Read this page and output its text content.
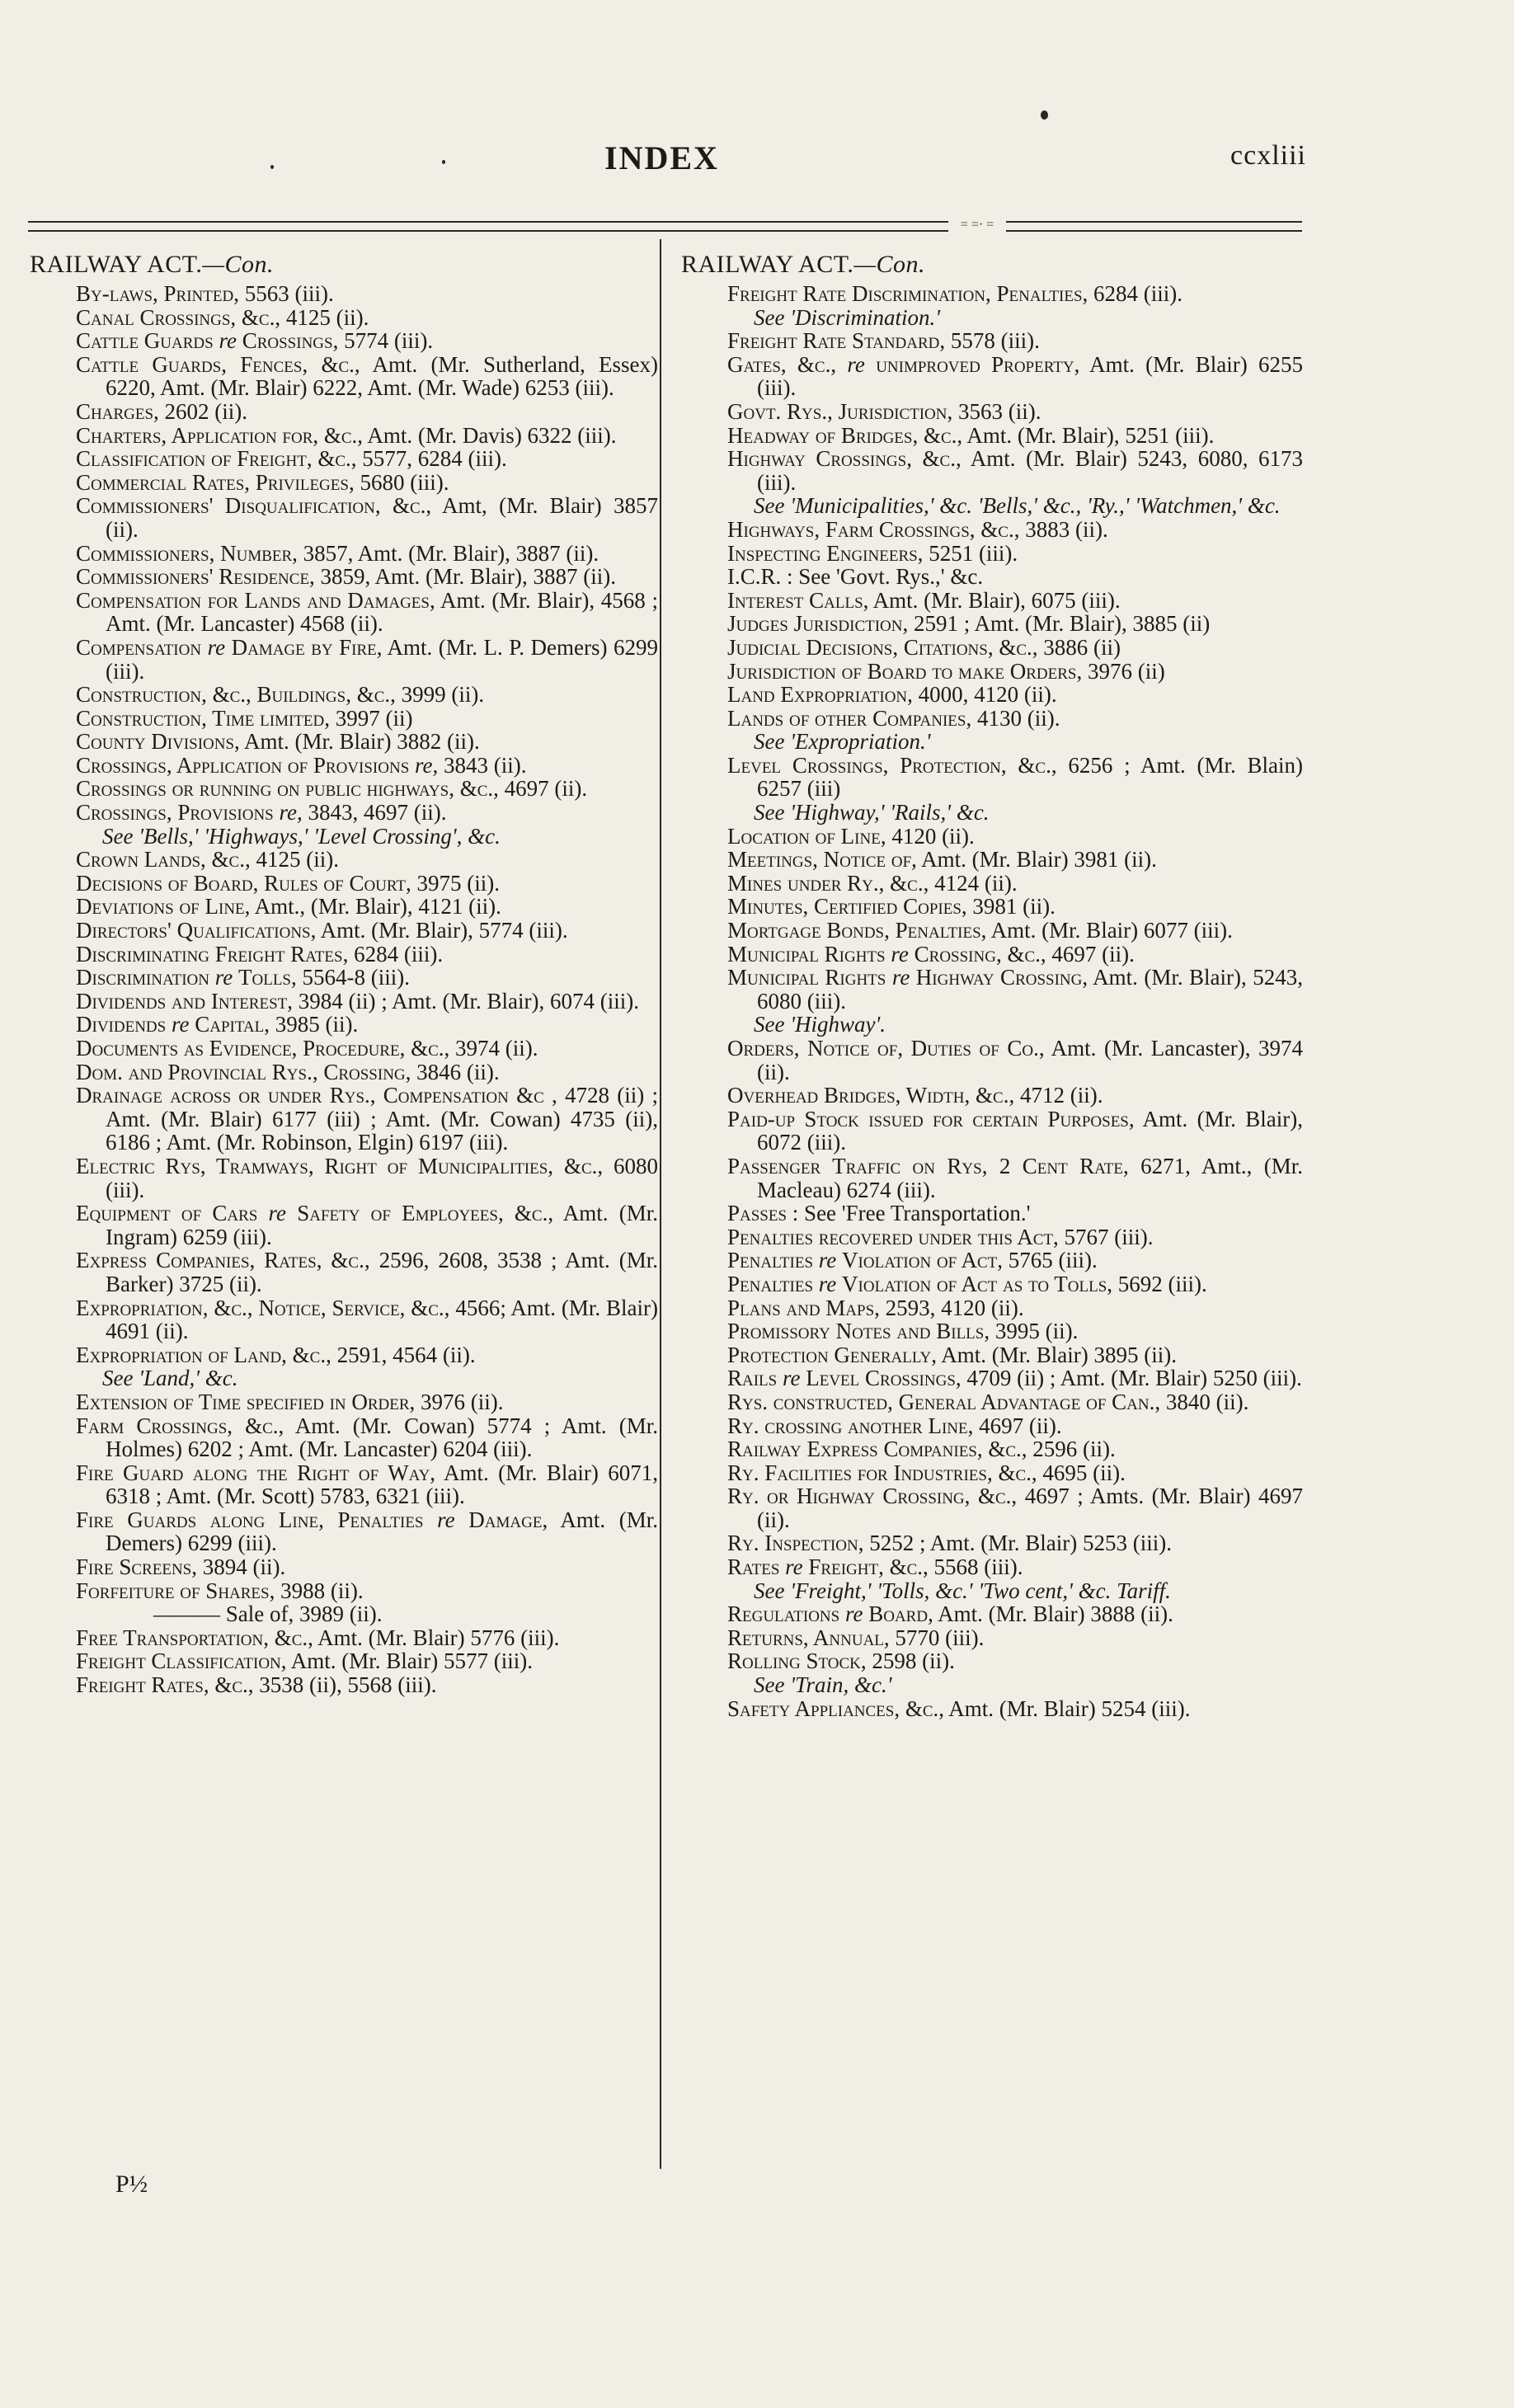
INDEX	ccxliii
= =· =
RAILWAY ACT.—Con.
By-laws, Printed, 5563 (iii).
Canal Crossings, &c., 4125 (ii).
Cattle Guards re Crossings, 5774 (iii).
Cattle Guards, Fences, &c., Amt. (Mr. Sutherland, Essex) 6220, Amt. (Mr. Blair) 6222, Amt. (Mr. Wade) 6253 (iii).
Charges, 2602 (ii).
Charters, Application for, &c., Amt. (Mr. Davis) 6322 (iii).
Classification of Freight, &c., 5577, 6284 (iii).
Commercial Rates, Privileges, 5680 (iii).
Commissioners' Disqualification, &c., Amt, (Mr. Blair) 3857 (ii).
Commissioners, Number, 3857, Amt. (Mr. Blair), 3887 (ii).
Commissioners' Residence, 3859, Amt. (Mr. Blair), 3887 (ii).
Compensation for Lands and Damages, Amt. (Mr. Blair), 4568 ; Amt. (Mr. Lancaster) 4568 (ii).
Compensation re Damage by Fire, Amt. (Mr. L. P. Demers) 6299 (iii).
Construction, &c., Buildings, &c., 3999 (ii).
Construction, Time limited, 3997 (ii)
County Divisions, Amt. (Mr. Blair) 3882 (ii).
Crossings, Application of Provisions re, 3843 (ii).
Crossings or running on public highways, &c., 4697 (ii).
Crossings, Provisions re, 3843, 4697 (ii).
See 'Bells,' 'Highways,' 'Level Crossing', &c.
Crown Lands, &c., 4125 (ii).
Decisions of Board, Rules of Court, 3975 (ii).
Deviations of Line, Amt., (Mr. Blair), 4121 (ii).
Directors' Qualifications, Amt. (Mr. Blair), 5774 (iii).
Discriminating Freight Rates, 6284 (iii).
Discrimination re Tolls, 5564-8 (iii).
Dividends and Interest, 3984 (ii) ; Amt. (Mr. Blair), 6074 (iii).
Dividends re Capital, 3985 (ii).
Documents as Evidence, Procedure, &c., 3974 (ii).
Dom. and Provincial Rys., Crossing, 3846 (ii).
Drainage across or under Rys., Compensation &c , 4728 (ii) ; Amt. (Mr. Blair) 6177 (iii) ; Amt. (Mr. Cowan) 4735 (ii), 6186 ; Amt. (Mr. Robinson, Elgin) 6197 (iii).
Electric Rys, Tramways, Right of Municipalities, &c., 6080 (iii).
Equipment of Cars re Safety of Employees, &c., Amt. (Mr. Ingram) 6259 (iii).
Express Companies, Rates, &c., 2596, 2608, 3538 ; Amt. (Mr. Barker) 3725 (ii).
Expropriation, &c., Notice, Service, &c., 4566; Amt. (Mr. Blair) 4691 (ii).
Expropriation of Land, &c., 2591, 4564 (ii).
See 'Land,' &c.
Extension of Time specified in Order, 3976 (ii).
Farm Crossings, &c., Amt. (Mr. Cowan) 5774 ; Amt. (Mr. Holmes) 6202 ; Amt. (Mr. Lancaster) 6204 (iii).
Fire Guard along the Right of Way, Amt. (Mr. Blair) 6071, 6318 ; Amt. (Mr. Scott) 5783, 6321 (iii).
Fire Guards along Line, Penalties re Damage, Amt. (Mr. Demers) 6299 (iii).
Fire Screens, 3894 (ii).
Forfeiture of Shares, 3988 (ii).
——— Sale of, 3989 (ii).
Free Transportation, &c., Amt. (Mr. Blair) 5776 (iii).
Freight Classification, Amt. (Mr. Blair) 5577 (iii).
Freight Rates, &c., 3538 (ii), 5568 (iii).
RAILWAY ACT.—Con.
Freight Rate Discrimination, Penalties, 6284 (iii).
See 'Discrimination.'
Freight Rate Standard, 5578 (iii).
Gates, &c., re unimproved Property, Amt. (Mr. Blair) 6255 (iii).
Govt. Rys., Jurisdiction, 3563 (ii).
Headway of Bridges, &c., Amt. (Mr. Blair), 5251 (iii).
Highway Crossings, &c., Amt. (Mr. Blair) 5243, 6080, 6173 (iii).
See 'Municipalities,' &c. 'Bells,' &c., 'Ry.,' 'Watchmen,' &c.
Highways, Farm Crossings, &c., 3883 (ii).
Inspecting Engineers, 5251 (iii).
I.C.R. : See 'Govt. Rys.,' &c.
Interest Calls, Amt. (Mr. Blair), 6075 (iii).
Judges Jurisdiction, 2591 ; Amt. (Mr. Blair), 3885 (ii)
Judicial Decisions, Citations, &c., 3886 (ii)
Jurisdiction of Board to make Orders, 3976 (ii)
Land Expropriation, 4000, 4120 (ii).
Lands of other Companies, 4130 (ii).
See 'Expropriation.'
Level Crossings, Protection, &c., 6256 ; Amt. (Mr. Blain) 6257 (iii)
See 'Highway,' 'Rails,' &c.
Location of Line, 4120 (ii).
Meetings, Notice of, Amt. (Mr. Blair) 3981 (ii).
Mines under Ry., &c., 4124 (ii).
Minutes, Certified Copies, 3981 (ii).
Mortgage Bonds, Penalties, Amt. (Mr. Blair) 6077 (iii).
Municipal Rights re Crossing, &c., 4697 (ii).
Municipal Rights re Highway Crossing, Amt. (Mr. Blair), 5243, 6080 (iii).
See 'Highway'.
Orders, Notice of, Duties of Co., Amt. (Mr. Lancaster), 3974 (ii).
Overhead Bridges, Width, &c., 4712 (ii).
Paid-up Stock issued for certain Purposes, Amt. (Mr. Blair), 6072 (iii).
Passenger Traffic on Rys, 2 Cent Rate, 6271, Amt., (Mr. Macleau) 6274 (iii).
Passes : See 'Free Transportation.'
Penalties recovered under this Act, 5767 (iii).
Penalties re Violation of Act, 5765 (iii).
Penalties re Violation of Act as to Tolls, 5692 (iii).
Plans and Maps, 2593, 4120 (ii).
Promissory Notes and Bills, 3995 (ii).
Protection Generally, Amt. (Mr. Blair) 3895 (ii).
Rails re Level Crossings, 4709 (ii) ; Amt. (Mr. Blair) 5250 (iii).
Rys. constructed, General Advantage of Can., 3840 (ii).
Ry. crossing another Line, 4697 (ii).
Railway Express Companies, &c., 2596 (ii).
Ry. Facilities for Industries, &c., 4695 (ii).
Ry. or Highway Crossing, &c., 4697 ; Amts. (Mr. Blair) 4697 (ii).
Ry. Inspection, 5252 ; Amt. (Mr. Blair) 5253 (iii).
Rates re Freight, &c., 5568 (iii).
See 'Freight,' 'Tolls, &c.' 'Two cent,' &c. Tariff.
Regulations re Board, Amt. (Mr. Blair) 3888 (ii).
Returns, Annual, 5770 (iii).
Rolling Stock, 2598 (ii).
See 'Train, &c.'
Safety Appliances, &c., Amt. (Mr. Blair) 5254 (iii).
P½
